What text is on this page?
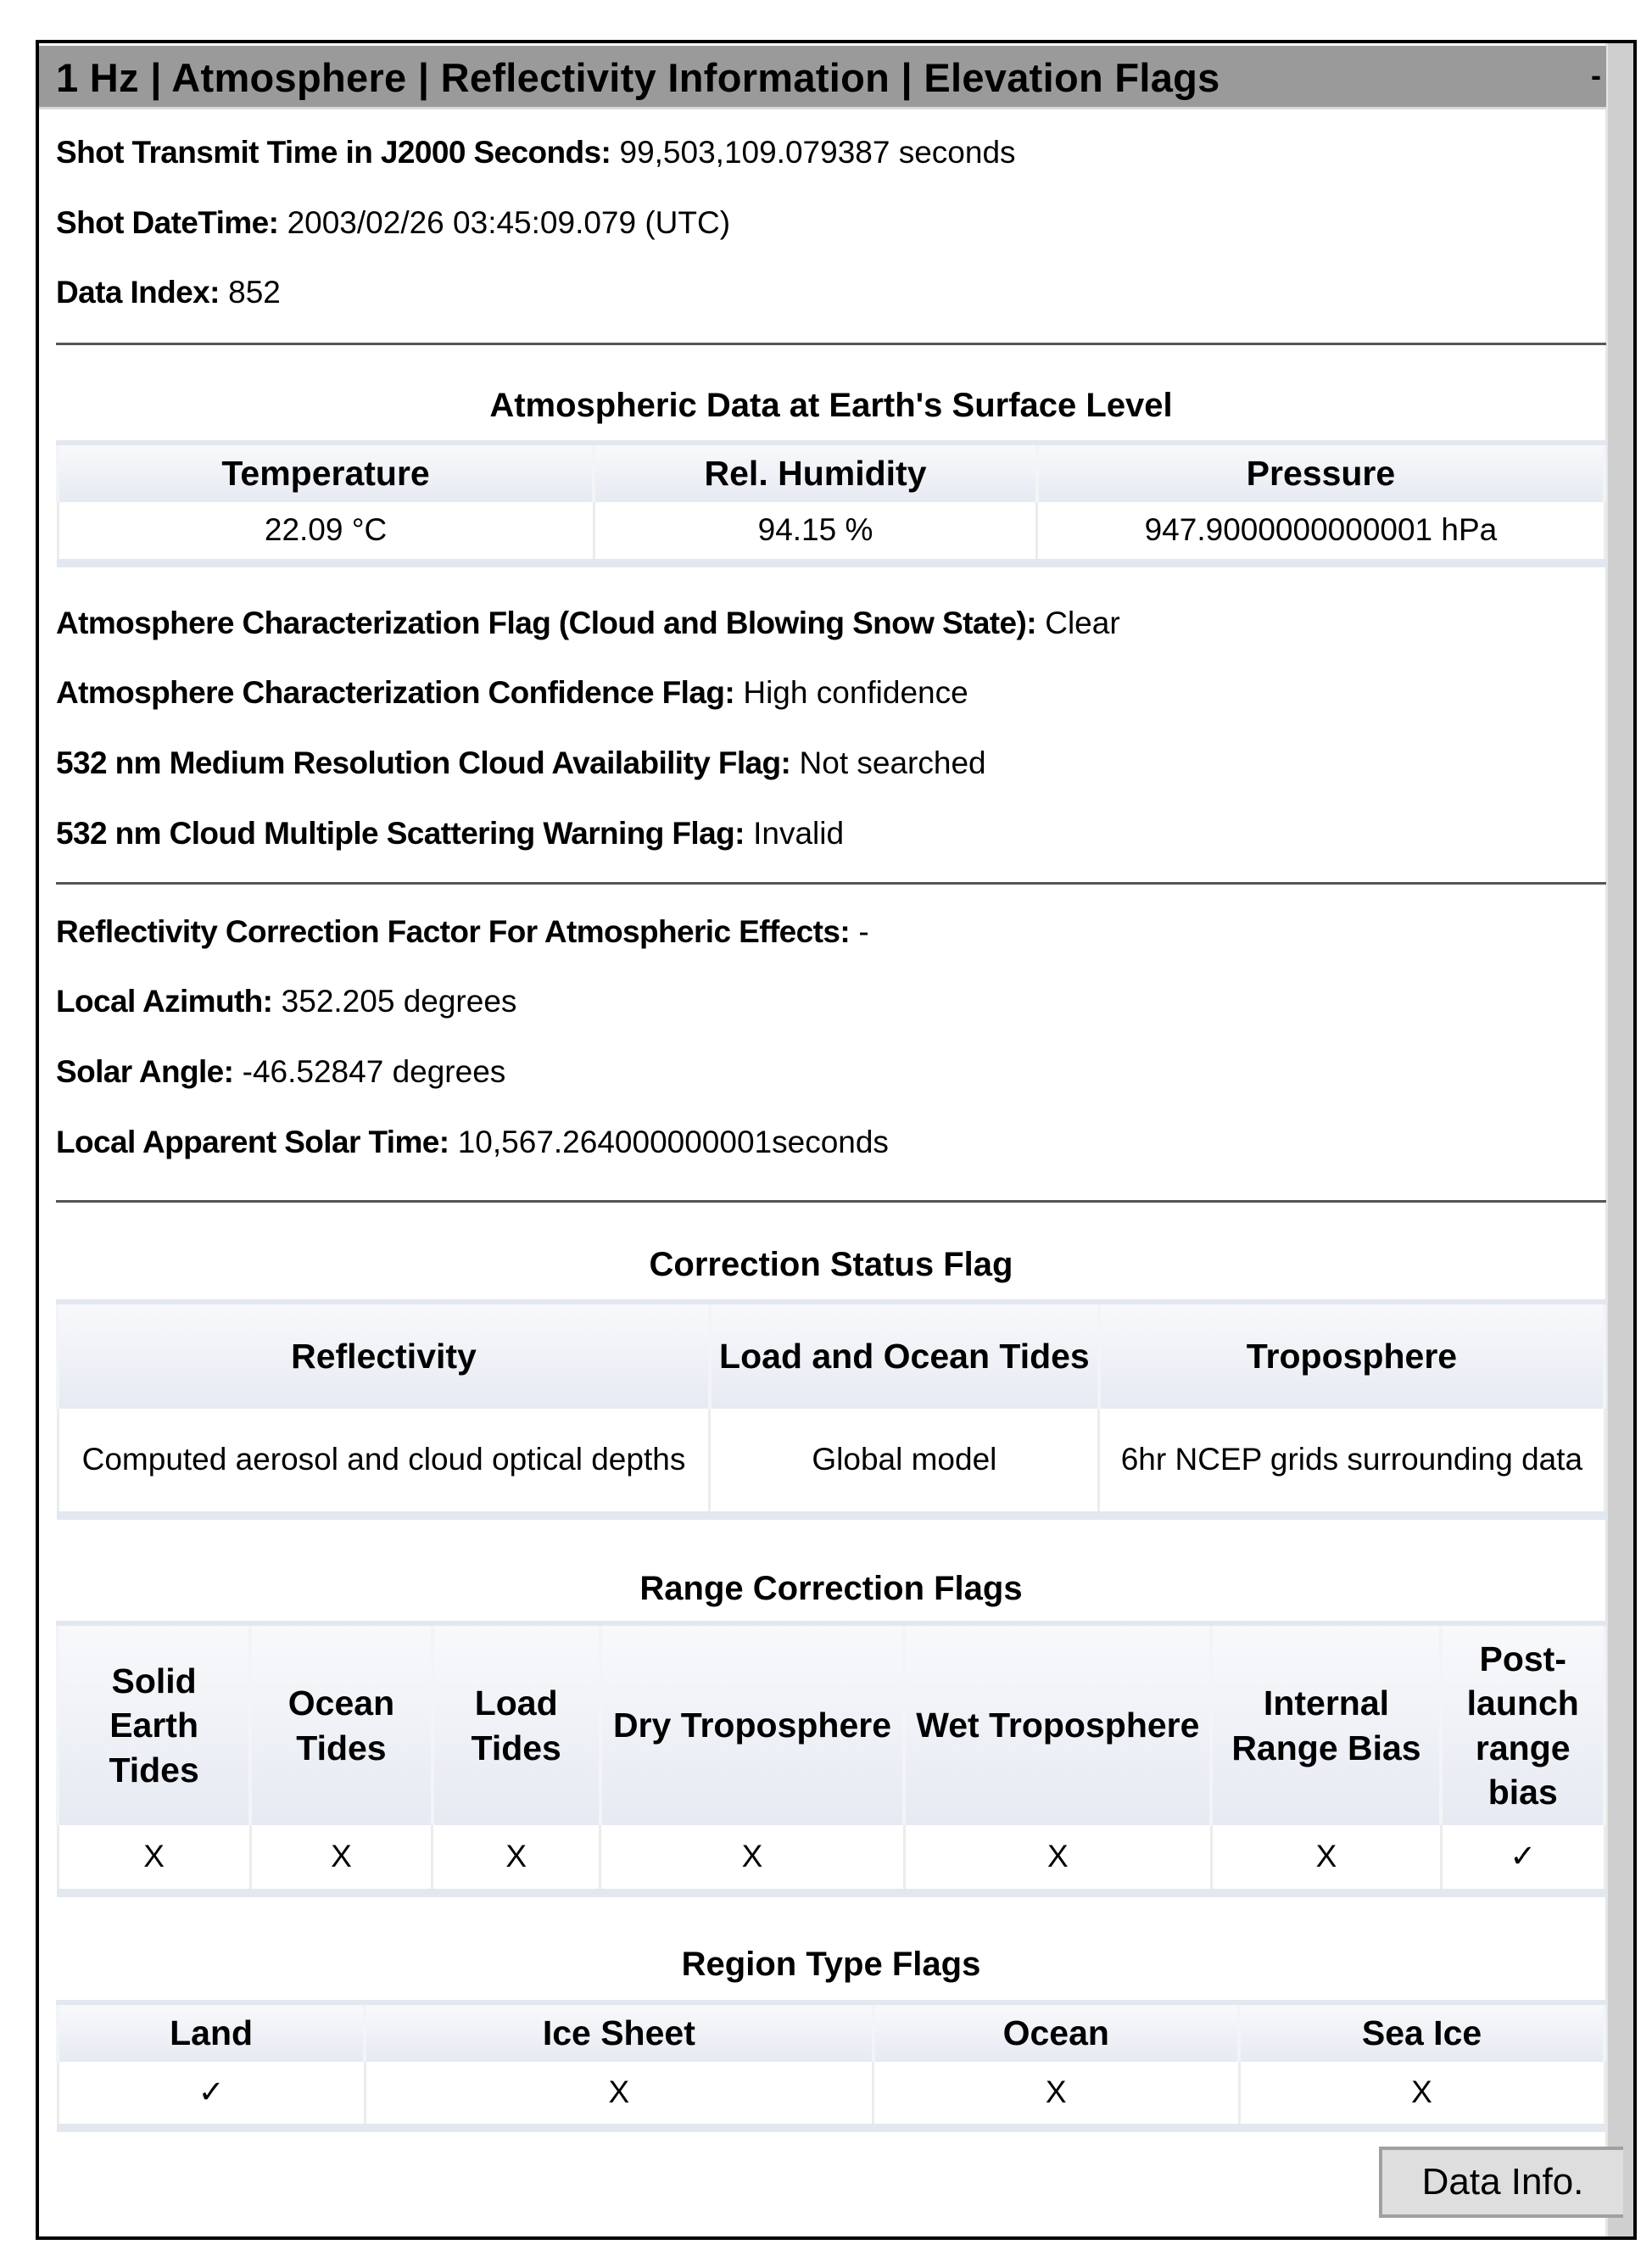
1 Hz | Atmosphere | Reflectivity Information | Elevation Flags	-
Shot Transmit Time in J2000 Seconds: 99,503,109.079387 seconds
Shot DateTime: 2003/02/26 03:45:09.079 (UTC)
Data Index: 852
Atmospheric Data at Earth's Surface Level
Temperature	Rel. Humidity	Pressure
22.09 °C	94.15 %	947.9000000000001 hPa
Atmosphere Characterization Flag (Cloud and Blowing Snow State): Clear
Atmosphere Characterization Confidence Flag: High confidence
532 nm Medium Resolution Cloud Availability Flag: Not searched
532 nm Cloud Multiple Scattering Warning Flag: Invalid
Reflectivity Correction Factor For Atmospheric Effects: -
Local Azimuth: 352.205 degrees
Solar Angle: -46.52847 degrees
Local Apparent Solar Time: 10,567.264000000001seconds
Correction Status Flag
Reflectivity	Load and Ocean Tides	Troposphere
Computed aerosol and cloud optical depths	Global model	6hr NCEP grids surrounding data
Range Correction Flags
Solid Earth Tides	Ocean Tides	Load Tides	Dry Troposphere	Wet Troposphere	Internal Range Bias	Post-launch range bias
X	X	X	X	X	X	✓
Region Type Flags
Land	Ice Sheet	Ocean	Sea Ice
✓	X	X	X
Data Info.
